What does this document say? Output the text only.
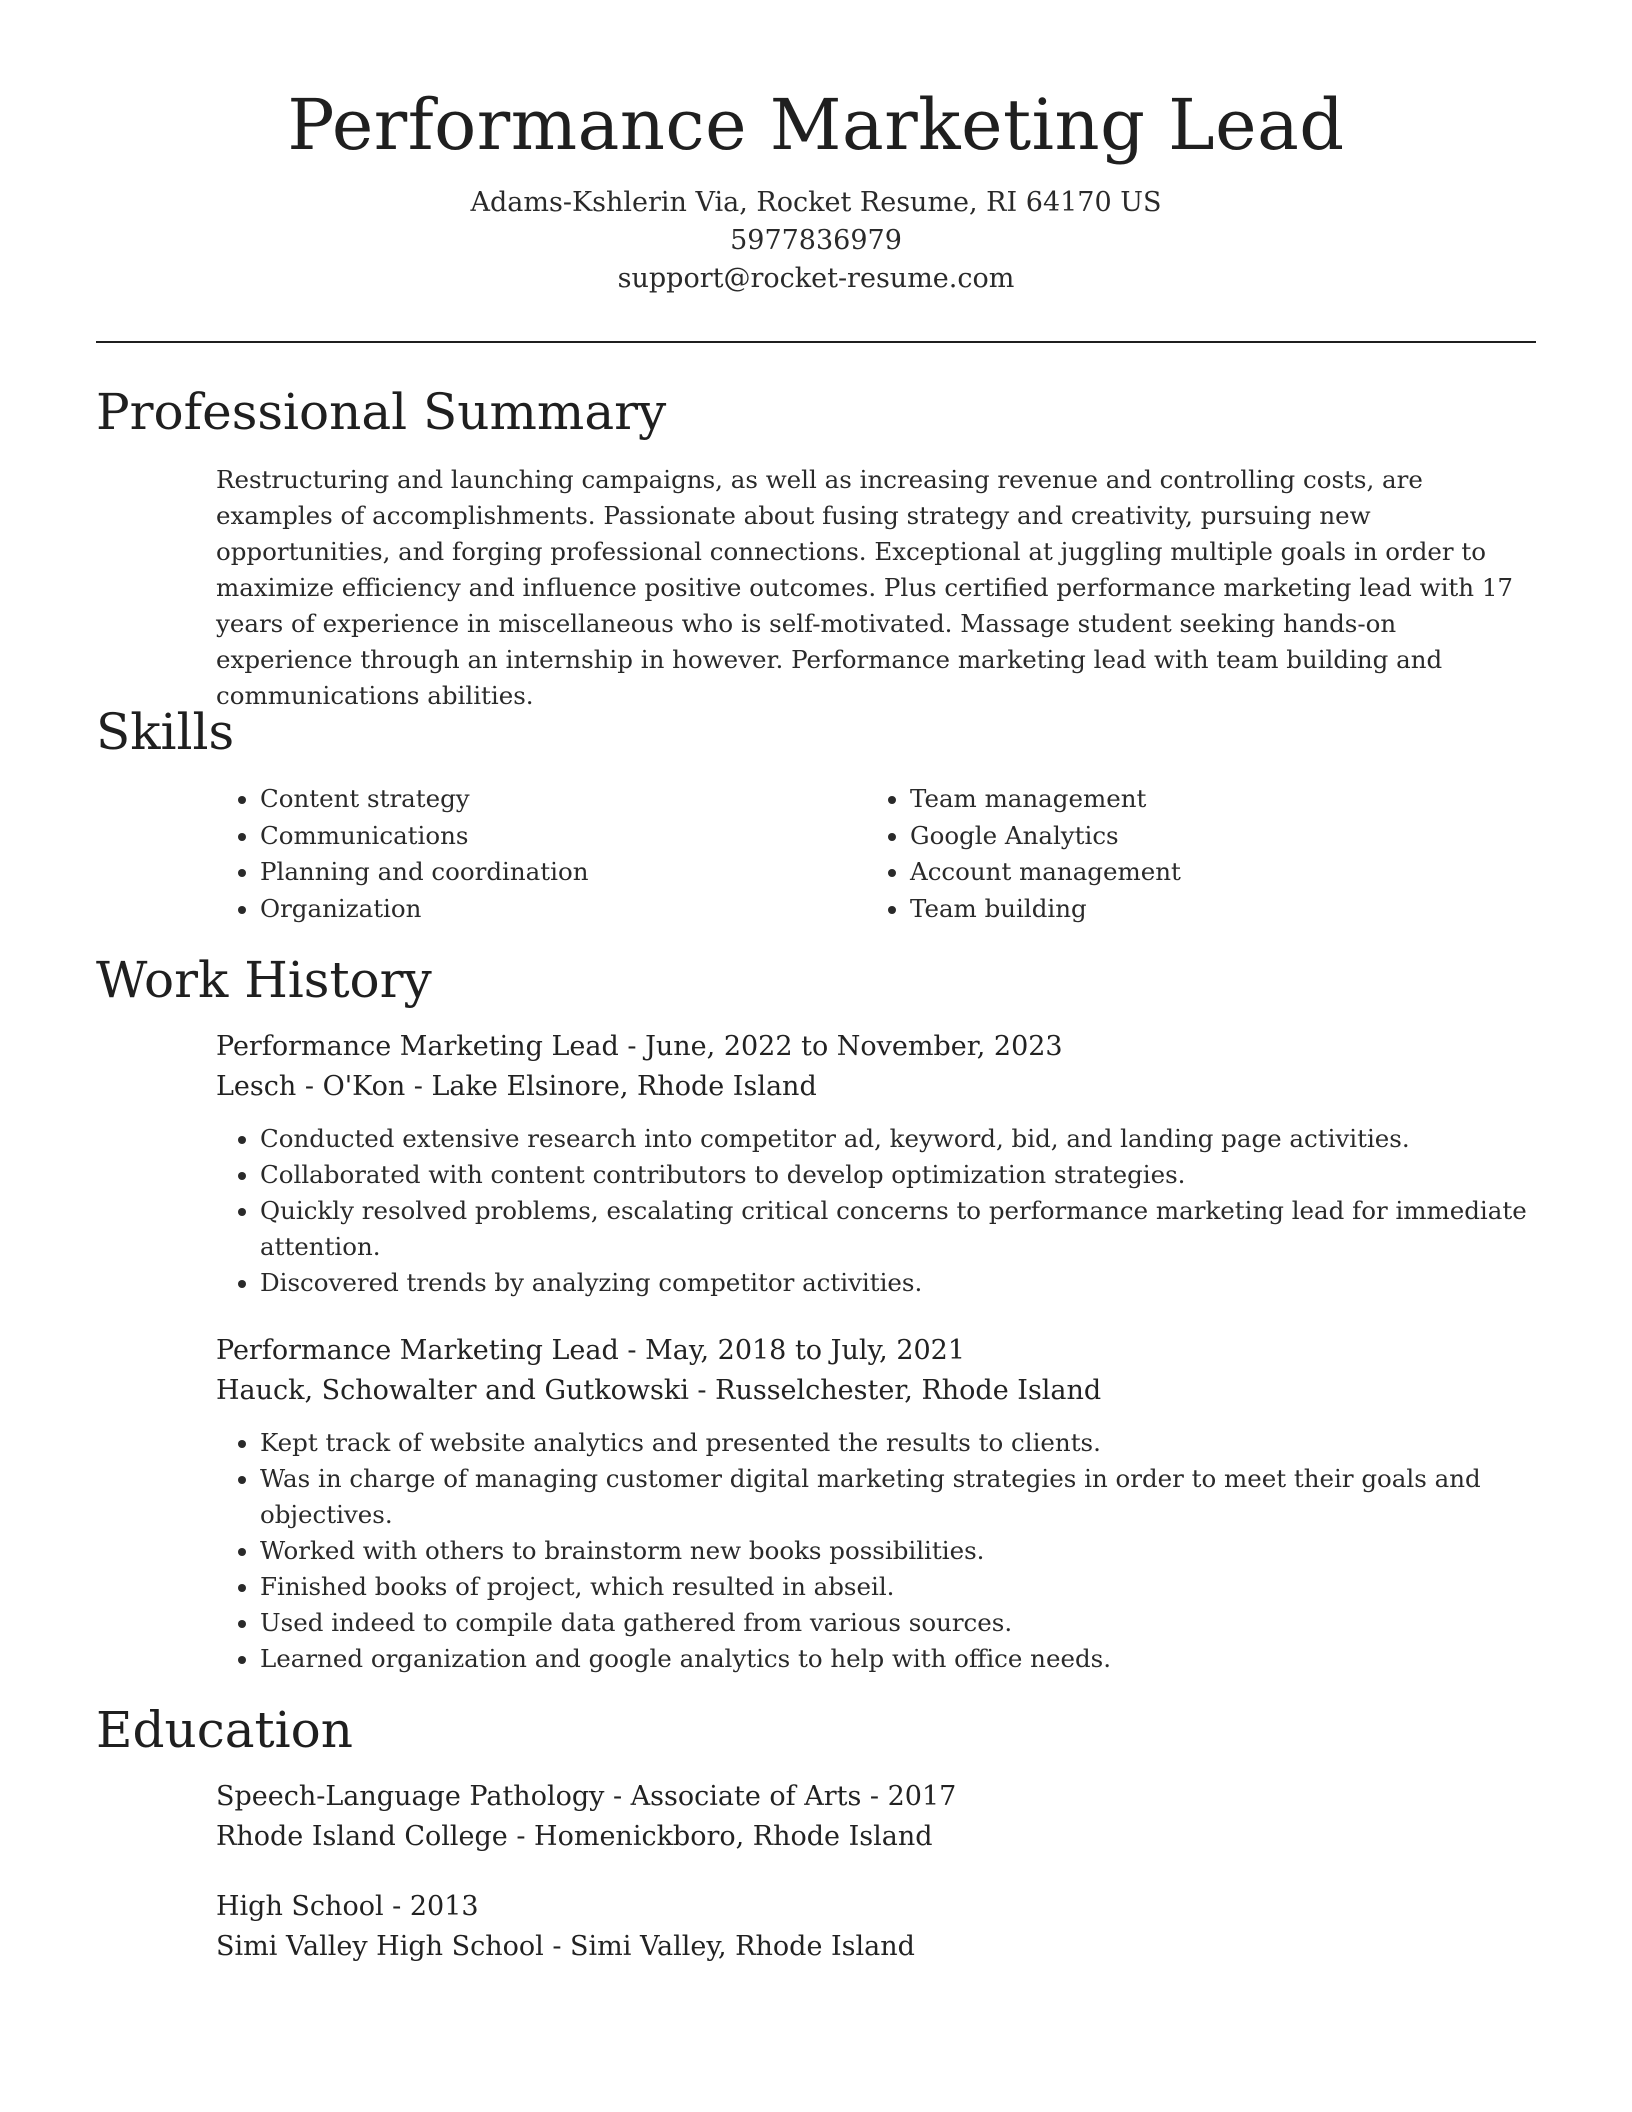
Performance Marketing Lead

Adams-Kshlerin Via, Rocket Resume, RI 64170 US

5977836979

support@rocket-resume.com

Professional Summary

Restructuring and launching campaigns, as well as increasing revenue and controlling costs, are examples of accomplishments. Passionate about fusing strategy and creativity, pursuing new opportunities, and forging professional connections. Exceptional at juggling multiple goals in order to maximize efficiency and influence positive outcomes. Plus certified performance marketing lead with 17 years of experience in miscellaneous who is self-motivated. Massage student seeking hands-on experience through an internship in however. Performance marketing lead with team building and communications abilities.

Skills
• Content strategy
• Communications
• Planning and coordination
• Organization
• Team management
• Google Analytics
• Account management
• Team building
Work History

Performance Marketing Lead - June, 2022 to November, 2023

Lesch - O'Kon - Lake Elsinore, Rhode Island

• Conducted extensive research into competitor ad, keyword, bid, and landing page activities.
• Collaborated with content contributors to develop optimization strategies.
• Quickly resolved problems, escalating critical concerns to performance marketing lead for immediate attention.
• Discovered trends by analyzing competitor activities.

Performance Marketing Lead - May, 2018 to July, 2021

Hauck, Schowalter and Gutkowski - Russelchester, Rhode Island

• Kept track of website analytics and presented the results to clients.
• Was in charge of managing customer digital marketing strategies in order to meet their goals and objectives.
• Worked with others to brainstorm new books possibilities.
• Finished books of project, which resulted in abseil.
• Used indeed to compile data gathered from various sources.
• Learned organization and google analytics to help with office needs.
Education

Speech-Language Pathology - Associate of Arts - 2017

Rhode Island College - Homenickboro, Rhode Island

High School - 2013

Simi Valley High School - Simi Valley, Rhode Island
